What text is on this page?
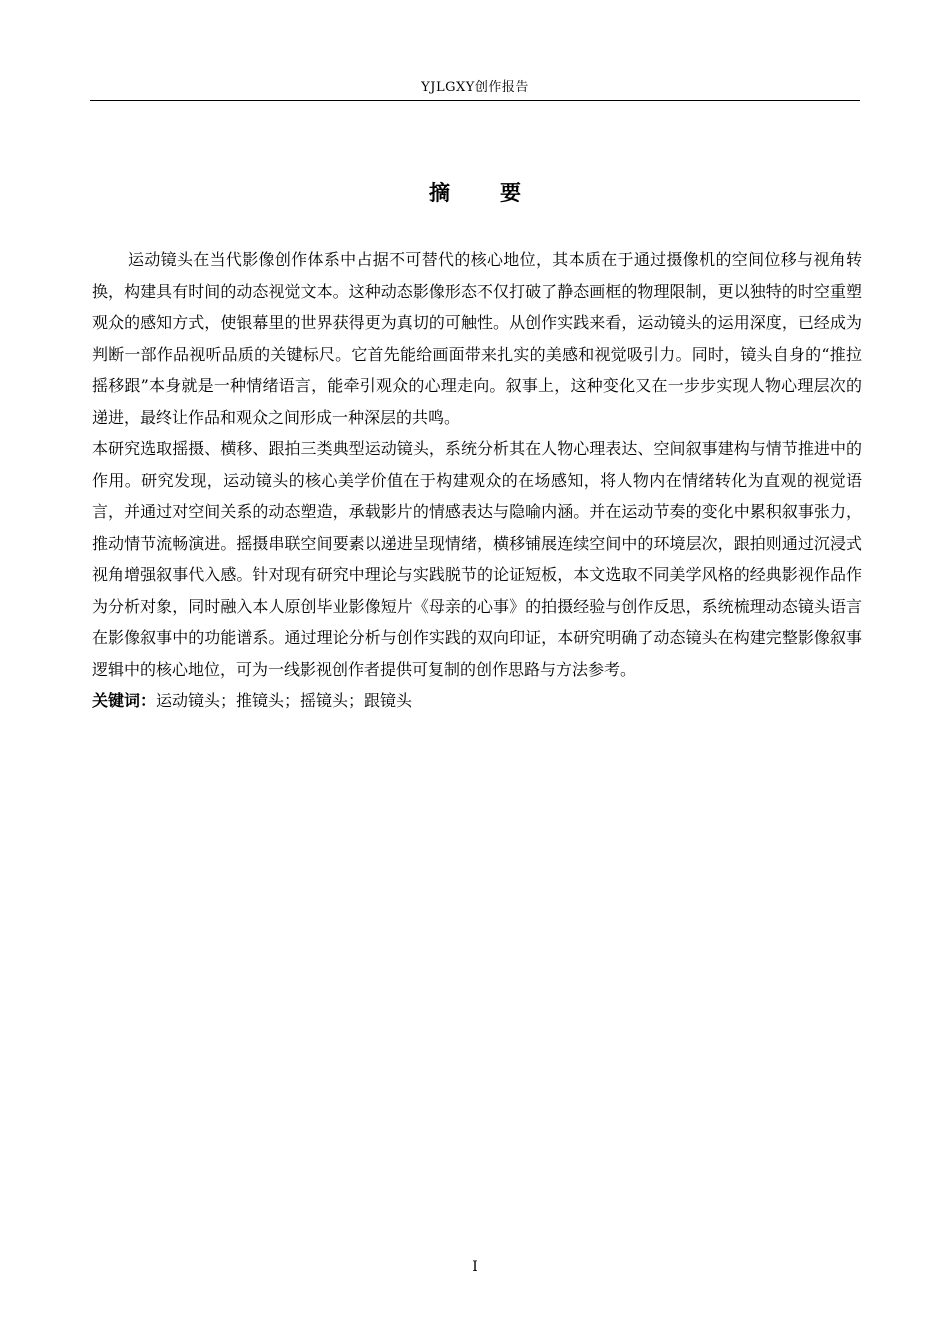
YJLGXY创作报告
摘要

运动镜头在当代影像创作体系中占据不可替代的核心地位，其本质在于通过摄像机的空间位移与视角转换，构建具有时间的动态视觉文本。这种动态影像形态不仅打破了静态画框的物理限制，更以独特的时空重塑观众的感知方式，使银幕里的世界获得更为真切的可触性。从创作实践来看，运动镜头的运用深度，已经成为判断一部作品视听品质的关键标尺。它首先能给画面带来扎实的美感和视觉吸引力。同时，镜头自身的“推拉摇移跟”本身就是一种情绪语言，能牵引观众的心理走向。叙事上，这种变化又在一步步实现人物心理层次的递进，最终让作品和观众之间形成一种深层的共鸣。

本研究选取摇摄、横移、跟拍三类典型运动镜头，系统分析其在人物心理表达、空间叙事建构与情节推进中的作用。研究发现，运动镜头的核心美学价值在于构建观众的在场感知，将人物内在情绪转化为直观的视觉语言，并通过对空间关系的动态塑造，承载影片的情感表达与隐喻内涵。并在运动节奏的变化中累积叙事张力，推动情节流畅演进。摇摄串联空间要素以递进呈现情绪，横移铺展连续空间中的环境层次，跟拍则通过沉浸式视角增强叙事代入感。针对现有研究中理论与实践脱节的论证短板，本文选取不同美学风格的经典影视作品作为分析对象，同时融入本人原创毕业影像短片《母亲的心事》的拍摄经验与创作反思，系统梳理动态镜头语言在影像叙事中的功能谱系。通过理论分析与创作实践的双向印证，本研究明确了动态镜头在构建完整影像叙事逻辑中的核心地位，可为一线影视创作者提供可复制的创作思路与方法参考。

关键词：运动镜头；推镜头；摇镜头；跟镜头
I
